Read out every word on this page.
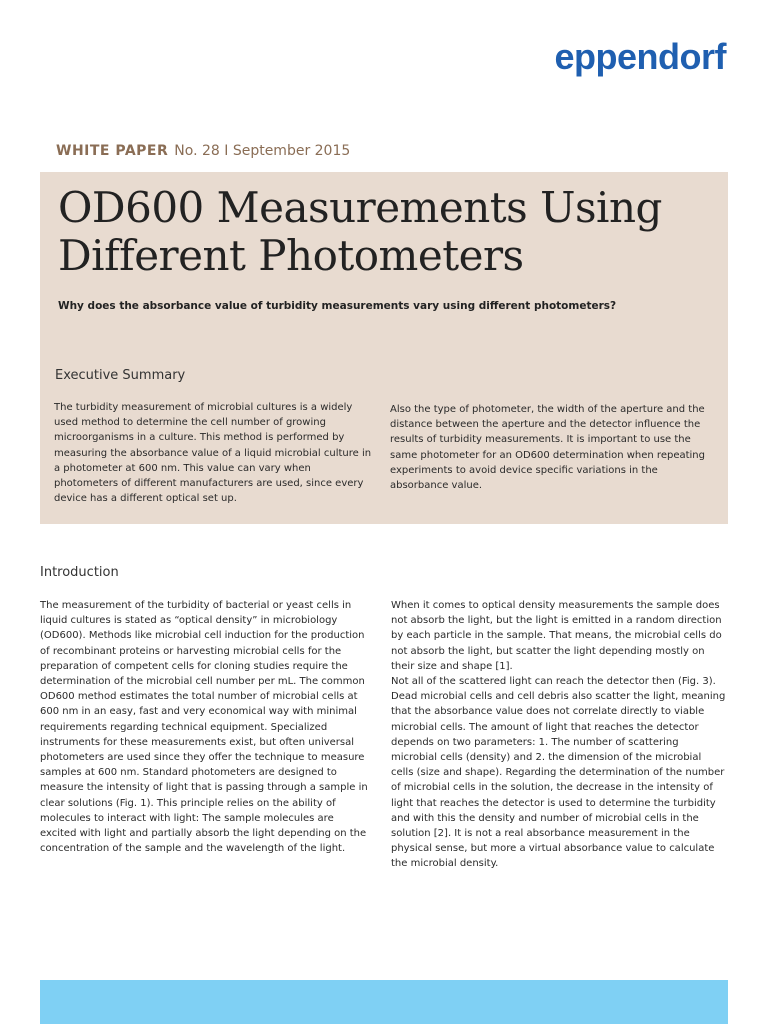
eppendorf
WHITE PAPER No. 28 I September 2015
OD600 Measurements Using Different Photometers
Why does the absorbance value of turbidity measurements vary using different photometers?
Executive Summary
The turbidity measurement of microbial cultures is a widely used method to determine the cell number of growing microorganisms in a culture. This method is performed by measuring the absorbance value of a liquid microbial culture in a photometer at 600 nm. This value can vary when photometers of different manufacturers are used, since every device has a different optical set up.
Also the type of photometer, the width of the aperture and the distance between the aperture and the detector influence the results of turbidity measurements. It is important to use the same photometer for an OD600 determination when repeating experiments to avoid device specific variations in the absorbance value.
Introduction
The measurement of the turbidity of bacterial or yeast cells in liquid cultures is stated as “optical density” in microbiology (OD600). Methods like microbial cell induction for the production of recombinant proteins or harvesting microbial cells for the preparation of competent cells for cloning studies require the determination of the microbial cell number per mL. The common OD600 method estimates the total number of microbial cells at 600 nm in an easy, fast and very economical way with minimal requirements regarding technical equipment. Specialized instruments for these measurements exist, but often universal photometers are used since they offer the technique to measure samples at 600 nm. Standard photometers are designed to measure the intensity of light that is passing through a sample in clear solutions (Fig. 1). This principle relies on the ability of molecules to interact with light: The sample molecules are excited with light and partially absorb the light depending on the concentration of the sample and the wavelength of the light.
When it comes to optical density measurements the sample does not absorb the light, but the light is emitted in a random direction by each particle in the sample. That means, the microbial cells do not absorb the light, but scatter the light depending mostly on their size and shape [1].
Not all of the scattered light can reach the detector then (Fig. 3). Dead microbial cells and cell debris also scatter the light, meaning that the absorbance value does not correlate directly to viable microbial cells. The amount of light that reaches the detector depends on two parameters: 1. The number of scattering microbial cells (density) and 2. the dimension of the microbial cells (size and shape). Regarding the determination of the number of microbial cells in the solution, the decrease in the intensity of light that reaches the detector is used to determine the turbidity and with this the density and number of microbial cells in the solution [2]. It is not a real absorbance measurement in the physical sense, but more a virtual absorbance value to calculate the microbial density.
